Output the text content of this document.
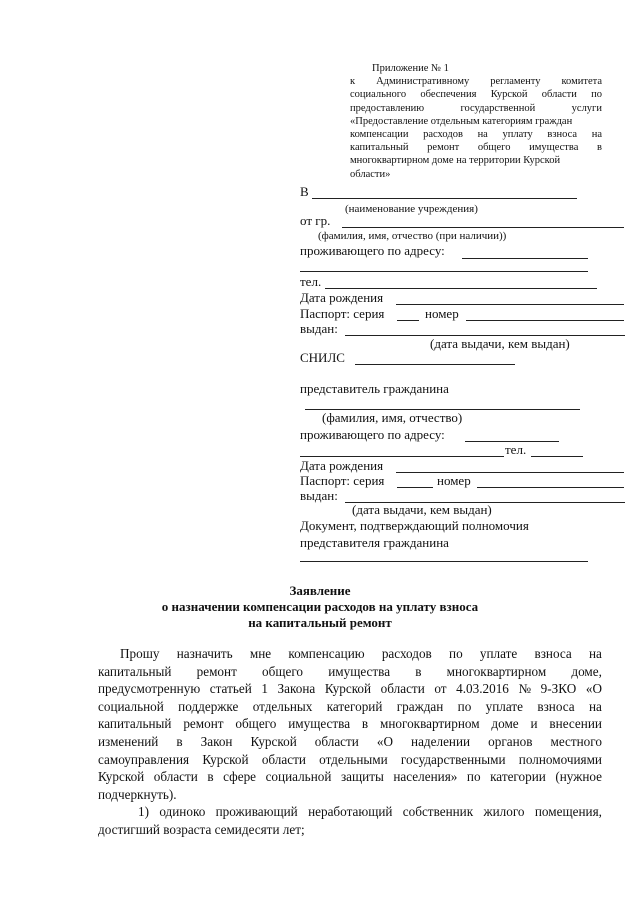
Приложение № 1
к Административному регламенту комитета
социального обеспечения Курской области по
предоставлению	государственной	услуги
«Предоставление отдельным категориям граждан
компенсации расходов на уплату взноса на
капитальный ремонт общего имущества в
многоквартирном доме на территории Курской
области»
В
(наименование учреждения)
от гр.
(фамилия, имя, отчество (при наличии))
проживающего по адресу:
тел.
Дата рождения
Паспорт: серия	номер
выдан:
(дата выдачи, кем выдан)
СНИЛС
представитель гражданина
(фамилия, имя, отчество)
проживающего по адресу:
тел.
Дата рождения
Паспорт: серия	номер
выдан:
(дата выдачи, кем выдан)
Документ, подтверждающий полномочия
представителя гражданина
Заявление
о назначении компенсации расходов на уплату взноса
на капитальный ремонт
Прошу назначить мне компенсацию расходов по уплате взноса на
капитальный ремонт общего имущества в многоквартирном доме,
предусмотренную статьей 1 Закона Курской области от 4.03.2016 № 9-ЗКО «О
социальной поддержке отдельных категорий граждан по уплате взноса на
капитальный ремонт общего имущества в многоквартирном доме и внесении
изменений в Закон Курской области «О наделении органов местного
самоуправления Курской области отдельными государственными полномочиями
Курской области в сфере социальной защиты населения» по категории (нужное
подчеркнуть).
1) одиноко проживающий неработающий собственник жилого помещения,
достигший возраста семидесяти лет;
